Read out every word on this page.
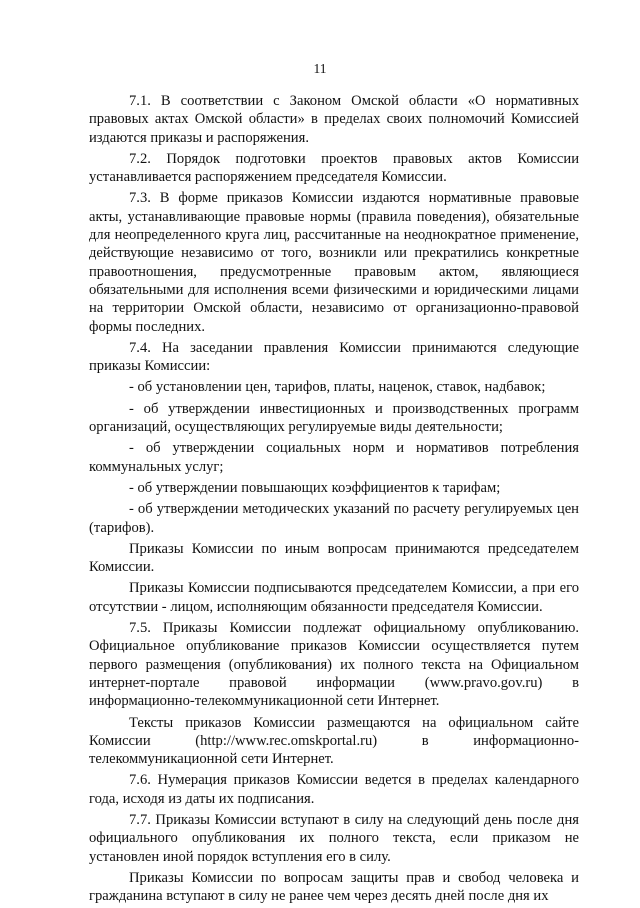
11

7.1. В соответствии с Законом Омской области «О нормативных правовых актах Омской области» в пределах своих полномочий Комиссией издаются приказы и распоряжения.

7.2. Порядок подготовки проектов правовых актов Комиссии устанавливается распоряжением председателя Комиссии.

7.3. В форме приказов Комиссии издаются нормативные правовые акты, устанавливающие правовые нормы (правила поведения), обязательные для неопределенного круга лиц, рассчитанные на неоднократное применение, действующие независимо от того, возникли или прекратились конкретные правоотношения, предусмотренные правовым актом, являющиеся обязательными для исполнения всеми физическими и юридическими лицами на территории Омской области, независимо от организационно-правовой формы последних.

7.4. На заседании правления Комиссии принимаются следующие приказы Комиссии:

- об установлении цен, тарифов, платы, наценок, ставок, надбавок;

- об утверждении инвестиционных и производственных программ организаций, осуществляющих регулируемые виды деятельности;

- об утверждении социальных норм и нормативов потребления коммунальных услуг;

- об утверждении повышающих коэффициентов к тарифам;

- об утверждении методических указаний по расчету регулируемых цен (тарифов).

Приказы Комиссии по иным вопросам принимаются председателем Комиссии.

Приказы Комиссии подписываются председателем Комиссии, а при его отсутствии - лицом, исполняющим обязанности председателя Комиссии.

7.5. Приказы Комиссии подлежат официальному опубликованию. Официальное опубликование приказов Комиссии осуществляется путем первого размещения (опубликования) их полного текста на Официальном интернет-портале правовой информации (www.pravo.gov.ru) в информационно-телекоммуникационной сети Интернет.

Тексты приказов Комиссии размещаются на официальном сайте Комиссии (http://www.rec.omskportal.ru) в информационно-телекоммуникационной сети Интернет.

7.6. Нумерация приказов Комиссии ведется в пределах календарного года, исходя из даты их подписания.

7.7. Приказы Комиссии вступают в силу на следующий день после дня официального опубликования их полного текста, если приказом не установлен иной порядок вступления его в силу.

Приказы Комиссии по вопросам защиты прав и свобод человека и гражданина вступают в силу не ранее чем через десять дней после дня их
